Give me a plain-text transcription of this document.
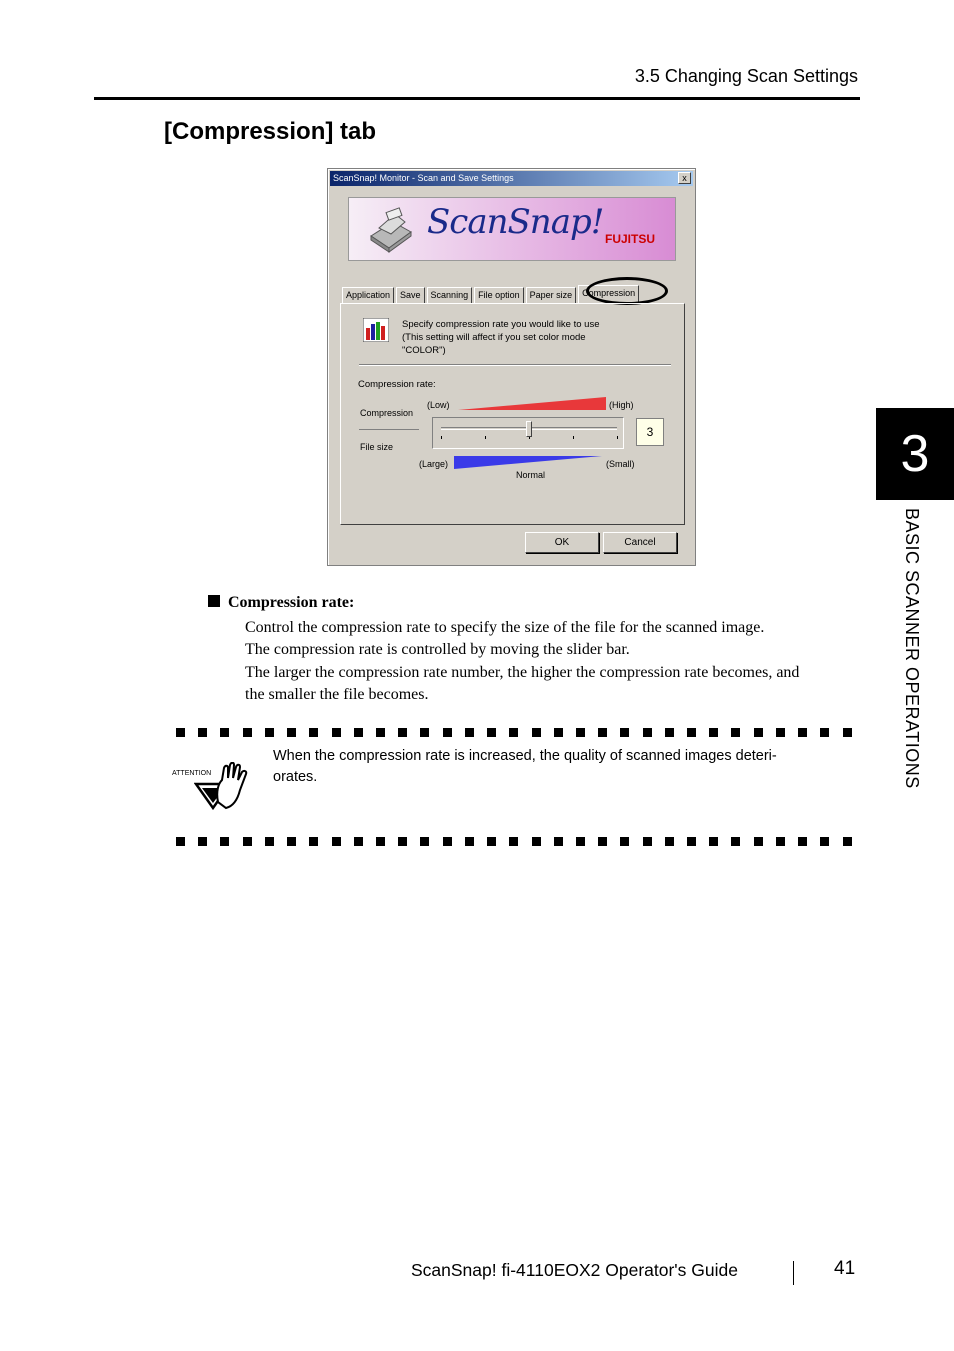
3.5 Changing Scan Settings
[Compression] tab
3
BASIC SCANNER OPERATIONS
ScanSnap! Monitor - Scan and Save Settings	x
ScanSnap! FUJITSU
Application	Save	Scanning	File option	Paper size	Compression
Specify compression rate you would like to use
(This setting will affect if you set color mode
"COLOR")
Compression rate:
Compression
(Low)	(High)
3
File size
(Large)	(Small)
Normal
OK	Cancel
Compression rate:
Control the compression rate to specify the size of the file for the scanned image.
The compression rate is controlled by moving the slider bar.
The larger the compression rate number, the higher the compression rate becomes, and
the smaller the file becomes.
ATTENTION
When the compression rate is increased, the quality of scanned images deteri-
orates.
ScanSnap! fi-4110EOX2 Operator's Guide	41
